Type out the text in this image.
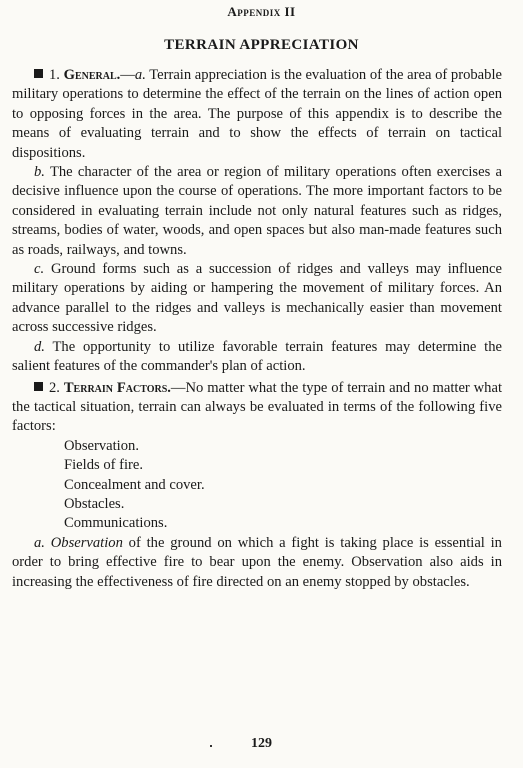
Appendix II
TERRAIN APPRECIATION

1. General.—a. Terrain appreciation is the evaluation of the area of probable military operations to determine the effect of the terrain on the lines of action open to opposing forces in the area. The purpose of this appendix is to describe the means of evaluating terrain and to show the effects of terrain on tactical dispositions.

b. The character of the area or region of military operations often exercises a decisive influence upon the course of operations. The more important factors to be considered in evaluating terrain include not only natural features such as ridges, streams, bodies of water, woods, and open spaces but also man-made features such as roads, railways, and towns.

c. Ground forms such as a succession of ridges and valleys may influence military operations by aiding or hampering the movement of military forces. An advance parallel to the ridges and valleys is mechanically easier than movement across successive ridges.

d. The opportunity to utilize favorable terrain features may determine the salient features of the commander's plan of action.

2. Terrain Factors.—No matter what the type of terrain and no matter what the tactical situation, terrain can always be evaluated in terms of the following five factors:

Observation.
Fields of fire.
Concealment and cover.
Obstacles.
Communications.

a. Observation of the ground on which a fight is taking place is essential in order to bring effective fire to bear upon the enemy. Observation also aids in increasing the effectiveness of fire directed on an enemy stopped by obstacles.

129
